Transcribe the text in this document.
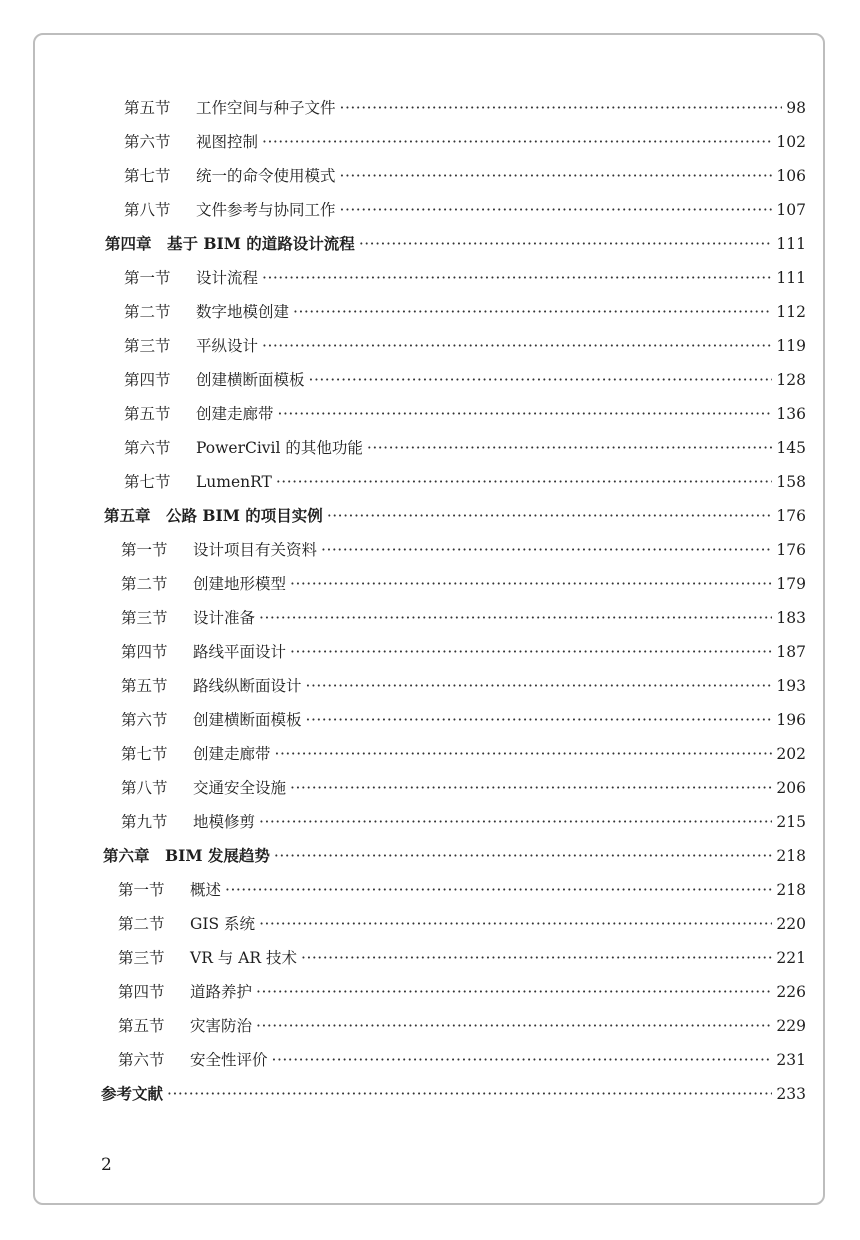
第五节	工作空间与种子文件 ·····	98
第六节	视图控制 ·····	102
第七节	统一的命令使用模式 ·····	106
第八节	文件参考与协同工作 ·····	107
第四章 基于 BIM 的道路设计流程 ·····	111
第一节	设计流程 ·····	111
第二节	数字地模创建 ·····	112
第三节	平纵设计 ·····	119
第四节	创建横断面模板 ·····	128
第五节	创建走廊带 ·····	136
第六节	PowerCivil 的其他功能 ·····	145
第七节	LumenRT ·····	158
第五章 公路 BIM 的项目实例 ·····	176
第一节	设计项目有关资料 ·····	176
第二节	创建地形模型 ·····	179
第三节	设计准备 ·····	183
第四节	路线平面设计 ·····	187
第五节	路线纵断面设计 ·····	193
第六节	创建横断面模板 ·····	196
第七节	创建走廊带 ·····	202
第八节	交通安全设施 ·····	206
第九节	地模修剪 ·····	215
第六章 BIM 发展趋势 ·····	218
第一节	概述 ·····	218
第二节	GIS 系统 ·····	220
第三节	VR 与 AR 技术 ·····	221
第四节	道路养护 ·····	226
第五节	灾害防治 ·····	229
第六节	安全性评价 ·····	231
参考文献 ·····	233
2
